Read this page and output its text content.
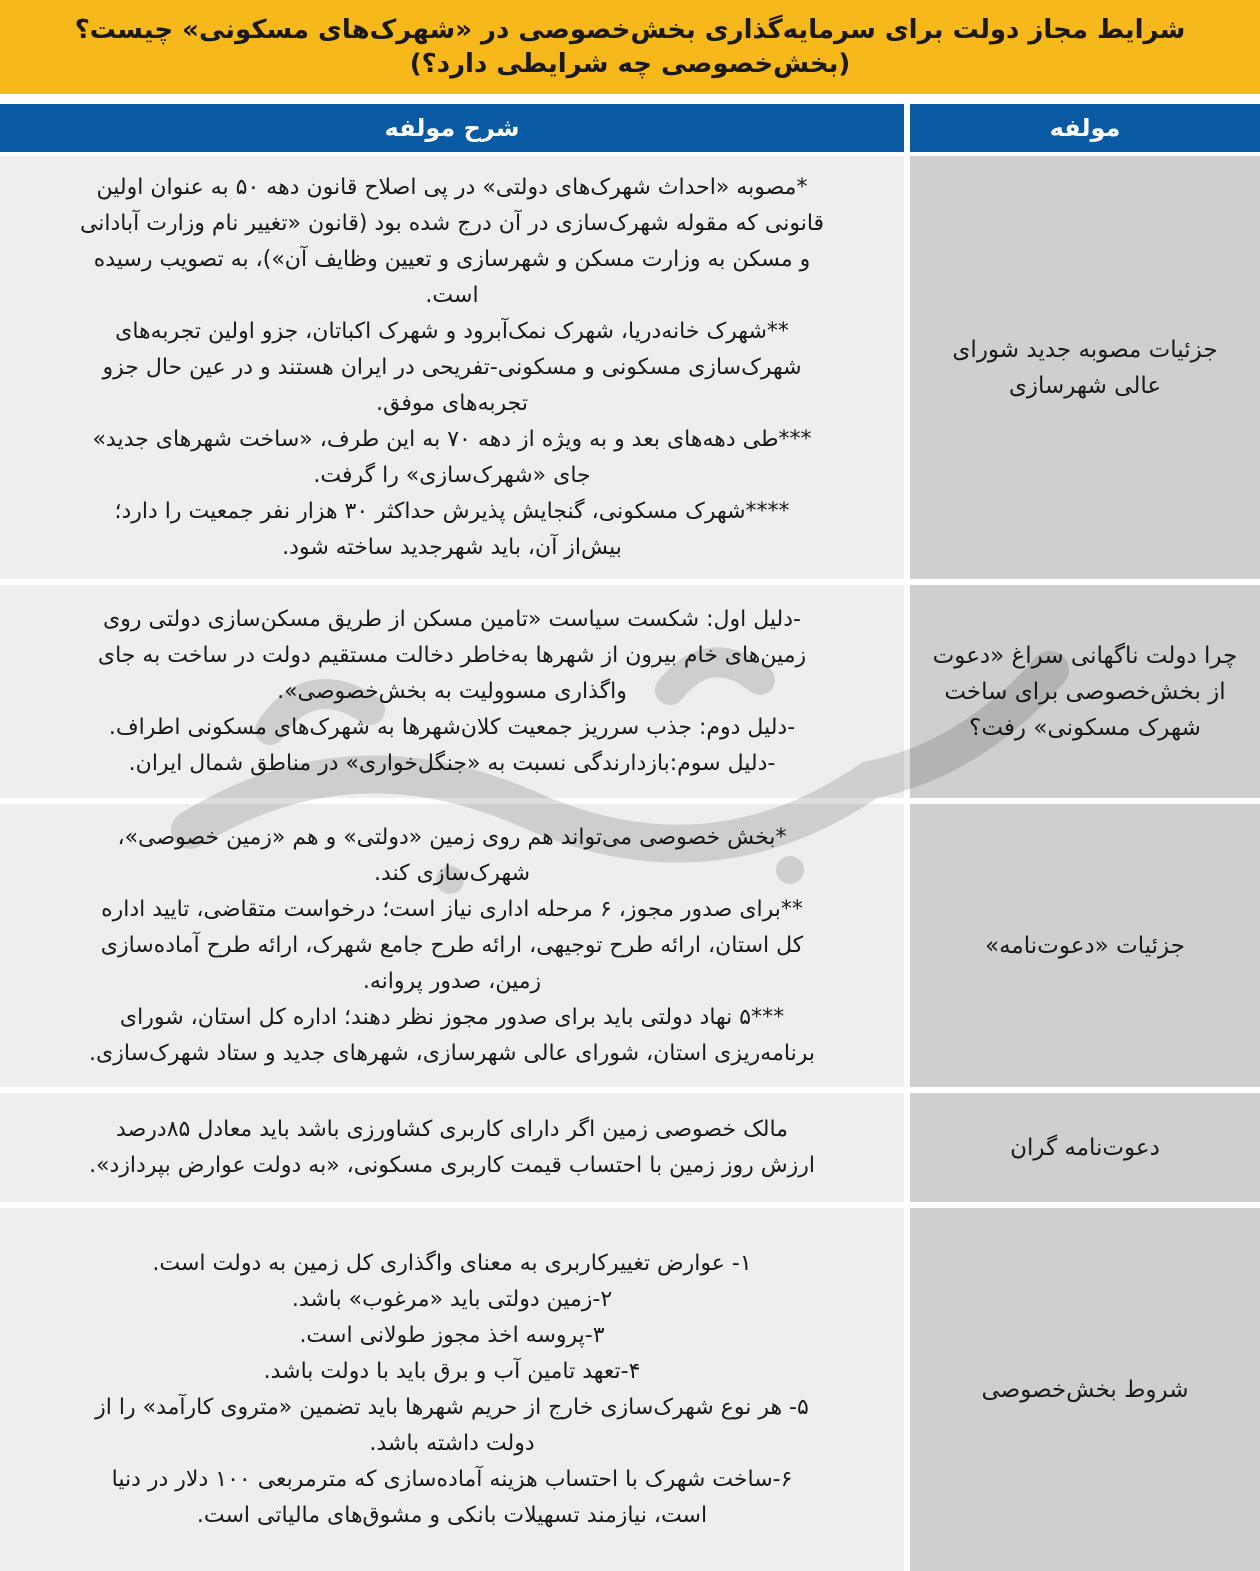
شرایط مجاز دولت برای سرمایه‌گذاری بخش‌خصوصی در «شهرک‌های مسکونی» چیست؟
(بخش‌خصوصی چه شرایطی دارد؟)
مولفه
شرح مولفه
جزئیات مصوبه جدید شورای عالی شهرسازی
*مصوبه «احداث شهرک‌های دولتی» در پی اصلاح قانون دهه ۵۰ به عنوان اولین
قانونی که مقوله شهرک‌سازی در آن درج شده بود (قانون «تغییر نام وزارت آبادانی
و مسکن به وزارت مسکن و شهرسازی و تعیین وظایف آن»)، به تصویب رسیده
است.
**شهرک خانه‌دریا، شهرک نمک‌آبرود و شهرک اکباتان، جزو اولین تجربه‌های
شهرک‌سازی مسکونی و مسکونی-تفریحی در ایران هستند و در عین حال جزو
تجربه‌های موفق.
***طی دهه‌های بعد و به ویژه از دهه ۷۰ به این طرف، «ساخت شهرهای جدید»
جای «شهرک‌سازی» را گرفت.
****شهرک مسکونی، گنجایش پذیرش حداکثر ۳۰ هزار نفر جمعیت را دارد؛
بیش‌از آن، باید شهرجدید ساخته شود.
چرا دولت ناگهانی سراغ «دعوت از بخش‌خصوصی برای ساخت شهرک مسکونی» رفت؟
-دلیل اول: شکست سیاست «تامین مسکن از طریق مسکن‌سازی دولتی روی
زمین‌های خام بیرون از شهرها به‌خاطر دخالت مستقیم دولت در ساخت به جای
واگذاری مسوولیت به بخش‌خصوصی».
-دلیل دوم: جذب سرریز جمعیت کلان‌شهرها به شهرک‌های مسکونی اطراف.
-دلیل سوم:بازدارندگی نسبت به «جنگل‌خواری» در مناطق شمال ایران.
جزئیات «دعوت‌نامه»
*بخش خصوصی می‌تواند هم روی زمین «دولتی» و هم «زمین خصوصی»،
شهرک‌سازی کند.
**برای صدور مجوز، ۶ مرحله اداری نیاز است؛ درخواست متقاضی، تایید اداره
کل استان، ارائه طرح توجیهی، ارائه طرح جامع شهرک، ارائه طرح آماده‌سازی
زمین، صدور پروانه.
***۵ نهاد دولتی باید برای صدور مجوز نظر دهند؛ اداره کل استان، شورای
برنامه‌ریزی استان، شورای عالی شهرسازی، شهرهای جدید و ستاد شهرک‌سازی.
دعوت‌نامه گران
مالک خصوصی زمین اگر دارای کاربری کشاورزی باشد باید معادل ۸۵درصد
ارزش روز زمین با احتساب قیمت کاربری مسکونی، «به دولت عوارض بپردازد».
شروط بخش‌خصوصی
۱- عوارض تغییرکاربری به معنای واگذاری کل زمین به دولت است.
۲-زمین دولتی باید «مرغوب» باشد.
۳-پروسه اخذ مجوز طولانی است.
۴-تعهد تامین آب و برق باید با دولت باشد.
۵- هر نوع شهرک‌سازی خارج از حریم شهرها باید تضمین «متروی کارآمد» را از
دولت داشته باشد.
۶-ساخت شهرک با احتساب هزینه آماده‌سازی که مترمربعی ۱۰۰ دلار در دنیا
است، نیازمند تسهیلات بانکی و مشوق‌های مالیاتی است.
